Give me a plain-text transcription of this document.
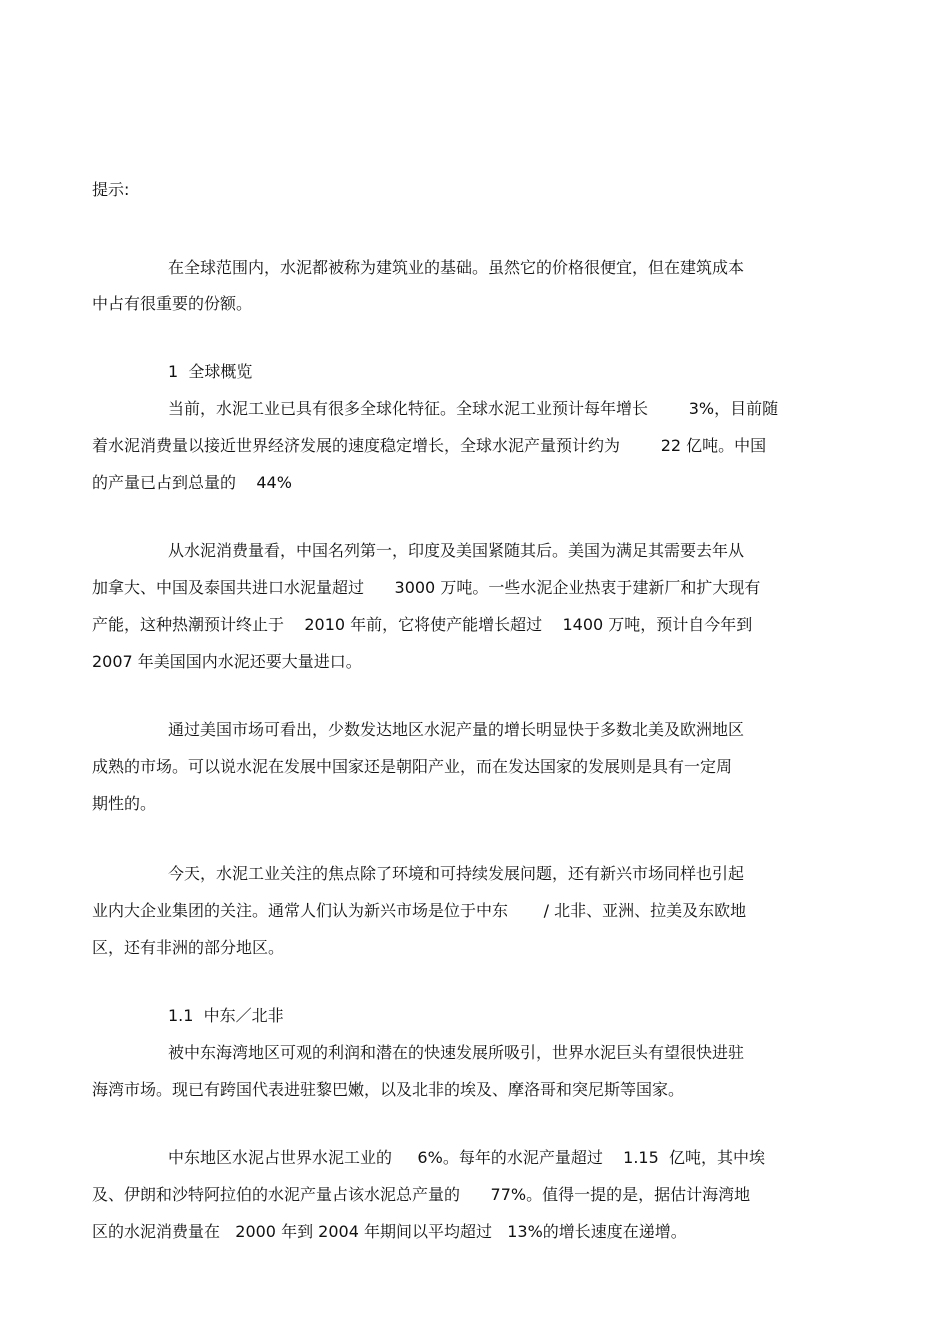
提示:
在全球范围内，水泥都被称为建筑业的基础。虽然它的价格很便宜，但在建筑成本
中占有很重要的份额。
1  全球概览
当前，水泥工业已具有很多全球化特征。全球水泥工业预计每年增长        3%，目前随
着水泥消费量以接近世界经济发展的速度稳定增长，全球水泥产量预计约为        22 亿吨。中国
的产量已占到总量的    44%
从水泥消费量看，中国名列第一，印度及美国紧随其后。美国为满足其需要去年从
加拿大、中国及泰国共进口水泥量超过      3000 万吨。一些水泥企业热衷于建新厂和扩大现有
产能，这种热潮预计终止于    2010 年前，它将使产能增长超过    1400 万吨，预计自今年到
2007 年美国国内水泥还要大量进口。
通过美国市场可看出，少数发达地区水泥产量的增长明显快于多数北美及欧洲地区
成熟的市场。可以说水泥在发展中国家还是朝阳产业，而在发达国家的发展则是具有一定周
期性的。
今天，水泥工业关注的焦点除了环境和可持续发展问题，还有新兴市场同样也引起
业内大企业集团的关注。通常人们认为新兴市场是位于中东       / 北非、亚洲、拉美及东欧地
区，还有非洲的部分地区。
1.1  中东／北非
被中东海湾地区可观的利润和潜在的快速发展所吸引，世界水泥巨头有望很快进驻
海湾市场。现已有跨国代表进驻黎巴嫩，以及北非的埃及、摩洛哥和突尼斯等国家。
中东地区水泥占世界水泥工业的     6%。每年的水泥产量超过    1.15  亿吨，其中埃
及、伊朗和沙特阿拉伯的水泥产量占该水泥总产量的      77%。值得一提的是，据估计海湾地
区的水泥消费量在   2000 年到 2004 年期间以平均超过   13%的增长速度在递增。
